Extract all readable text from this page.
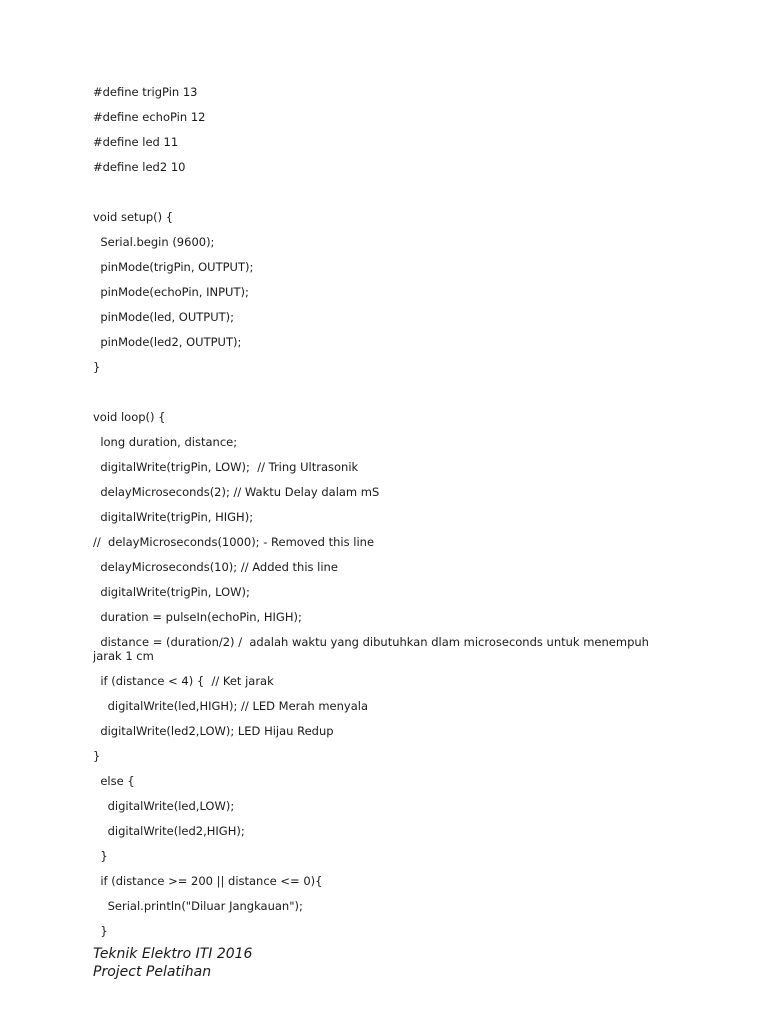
#define trigPin 13
#define echoPin 12
#define led 11
#define led2 10
void setup() {
Serial.begin (9600);
pinMode(trigPin, OUTPUT);
pinMode(echoPin, INPUT);
pinMode(led, OUTPUT);
pinMode(led2, OUTPUT);
}
void loop() {
long duration, distance;
digitalWrite(trigPin, LOW);  // Tring Ultrasonik
delayMicroseconds(2); // Waktu Delay dalam mS
digitalWrite(trigPin, HIGH);
//  delayMicroseconds(1000); - Removed this line
delayMicroseconds(10); // Added this line
digitalWrite(trigPin, LOW);
duration = pulseIn(echoPin, HIGH);
distance = (duration/2) /  adalah waktu yang dibutuhkan dlam microseconds untuk menempuh jarak 1 cm
if (distance < 4) {  // Ket jarak
digitalWrite(led,HIGH); // LED Merah menyala
digitalWrite(led2,LOW); LED Hijau Redup
}
else {
digitalWrite(led,LOW);
digitalWrite(led2,HIGH);
}
if (distance >= 200 || distance <= 0){
Serial.println("Diluar Jangkauan");
}
Teknik Elektro ITI 2016
Project Pelatihan
